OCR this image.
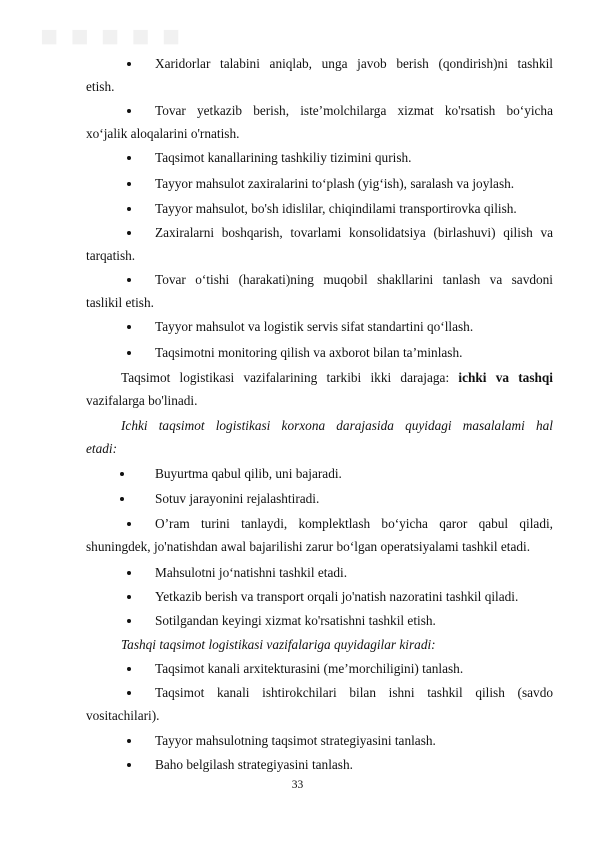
■ ■ ■ ■ ■
Xaridorlar talabini aniqlab, unga javob berish (qondirish)ni tashkil
etish.
Tovar yetkazib berish, iste’molchilarga xizmat ko'rsatish bo‘yicha
xo‘jalik aloqalarini o'rnatish.
Taqsimot kanallarining tashkiliy tizimini qurish.
Tayyor mahsulot zaxiralarini to‘plash (yig‘ish), saralash va joylash.
Tayyor mahsulot, bo'sh idislilar, chiqindilami transportirovka qilish.
Zaxiralarni boshqarish, tovarlami konsolidatsiya (birlashuvi) qilish va
tarqatish.
Tovar o‘tishi (harakati)ning muqobil shakllarini tanlash va savdoni
taslikil etish.
Tayyor mahsulot va logistik servis sifat standartini qo‘llash.
Taqsimotni monitoring qilish va axborot bilan ta’minlash.
Taqsimot logistikasi vazifalarining tarkibi ikki darajaga: ichki va tashqi
vazifalarga bo'linadi.
Ichki taqsimot logistikasi korxona darajasida quyidagi masalalami hal
etadi:
Buyurtma qabul qilib, uni bajaradi.
Sotuv jarayonini rejalashtiradi.
O’ram turini tanlaydi, komplektlash bo‘yicha qaror qabul qiladi,
shuningdek, jo'natishdan awal bajarilishi zarur bo‘lgan operatsiyalami tashkil etadi.
Mahsulotni jo‘natishni tashkil etadi.
Yetkazib berish va transport orqali jo'natish nazoratini tashkil qiladi.
Sotilgandan keyingi xizmat ko'rsatishni tashkil etish.
Tashqi taqsimot logistikasi vazifalariga quyidagilar kiradi:
Taqsimot kanali arxitekturasini (me’morchiligini) tanlash.
Taqsimot kanali ishtirokchilari bilan ishni tashkil qilish (savdo
vositachilari).
Tayyor mahsulotning taqsimot strategiyasini tanlash.
Baho belgilash strategiyasini tanlash.
33
